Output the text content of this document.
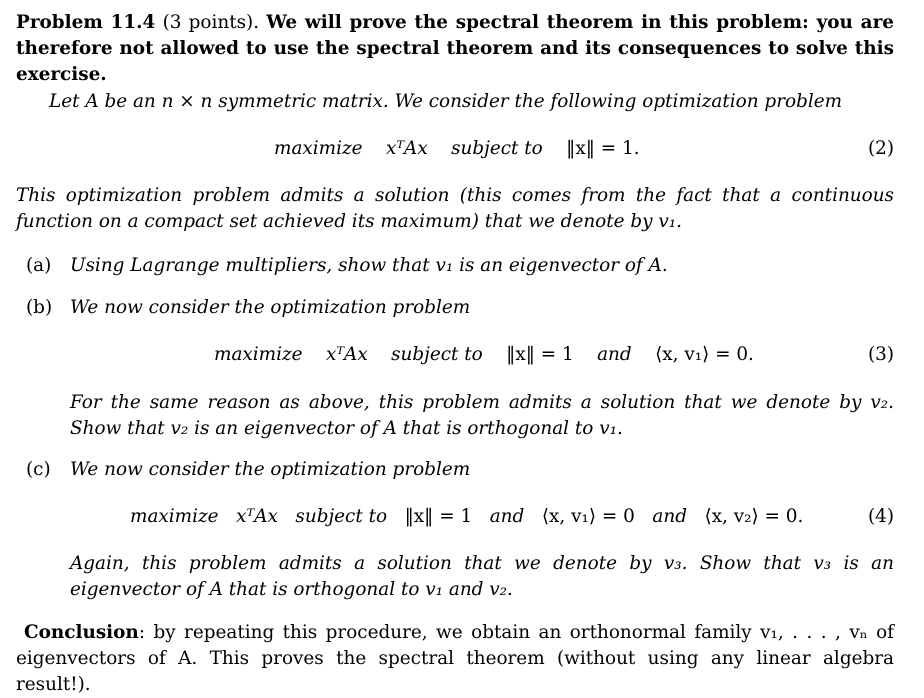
Problem 11.4 (3 points). We will prove the spectral theorem in this problem: you are therefore not allowed to use the spectral theorem and its consequences to solve this exercise.
Let A be an n × n symmetric matrix. We consider the following optimization problem
maximize xᵀAx subject to ‖x‖ = 1.	(2)
This optimization problem admits a solution (this comes from the fact that a continuous function on a compact set achieved its maximum) that we denote by v₁.
(a) Using Lagrange multipliers, show that v₁ is an eigenvector of A.
(b) We now consider the optimization problem
maximize xᵀAx subject to ‖x‖ = 1 and ⟨x, v₁⟩ = 0.	(3)
For the same reason as above, this problem admits a solution that we denote by v₂. Show that v₂ is an eigenvector of A that is orthogonal to v₁.
(c) We now consider the optimization problem
maximize xᵀAx subject to ‖x‖ = 1 and ⟨x, v₁⟩ = 0 and ⟨x, v₂⟩ = 0.	(4)
Again, this problem admits a solution that we denote by v₃. Show that v₃ is an eigenvector of A that is orthogonal to v₁ and v₂.
Conclusion: by repeating this procedure, we obtain an orthonormal family v₁, . . . , vₙ of eigenvectors of A. This proves the spectral theorem (without using any linear algebra result!).
